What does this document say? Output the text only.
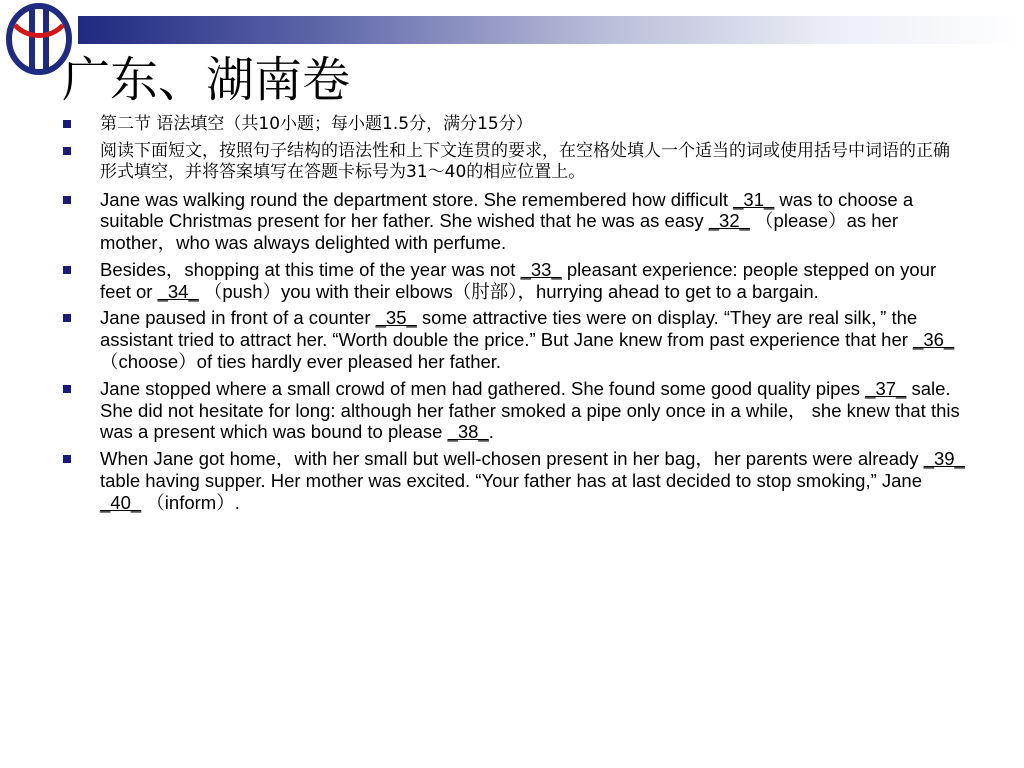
广东、湖南卷
第二节 语法填空（共10小题；每小题1.5分，满分15分）
阅读下面短文，按照句子结构的语法性和上下文连贯的要求，在空格处填人一个适当的词或使用括号中词语的正确形式填空，并将答案填写在答题卡标号为31～40的相应位置上。
Jane was walking round the department store. She remembered how difficult _31_ was to choose a suitable Christmas present for her father. She wished that he was as easy _32_ （please）as her mother，who was always delighted with perfume.
Besides，shopping at this time of the year was not _33_ pleasant experience: people stepped on your feet or _34_ （push）you with their elbows（肘部），hurrying ahead to get to a bargain.
Jane paused in front of a counter _35_ some attractive ties were on display. “They are real silk，” the assistant tried to attract her. “Worth double the price.” But Jane knew from past experience that her _36_ （choose）of ties hardly ever pleased her father.
Jane stopped where a small crowd of men had gathered. She found some good quality pipes _37_ sale. She did not hesitate for long: although her father smoked a pipe only once in a while， she knew that this was a present which was bound to please _38_.
When Jane got home，with her small but well-chosen present in her bag，her parents were already _39_ table having supper. Her mother was excited. “Your father has at last decided to stop smoking,” Jane _40_ （inform）.
